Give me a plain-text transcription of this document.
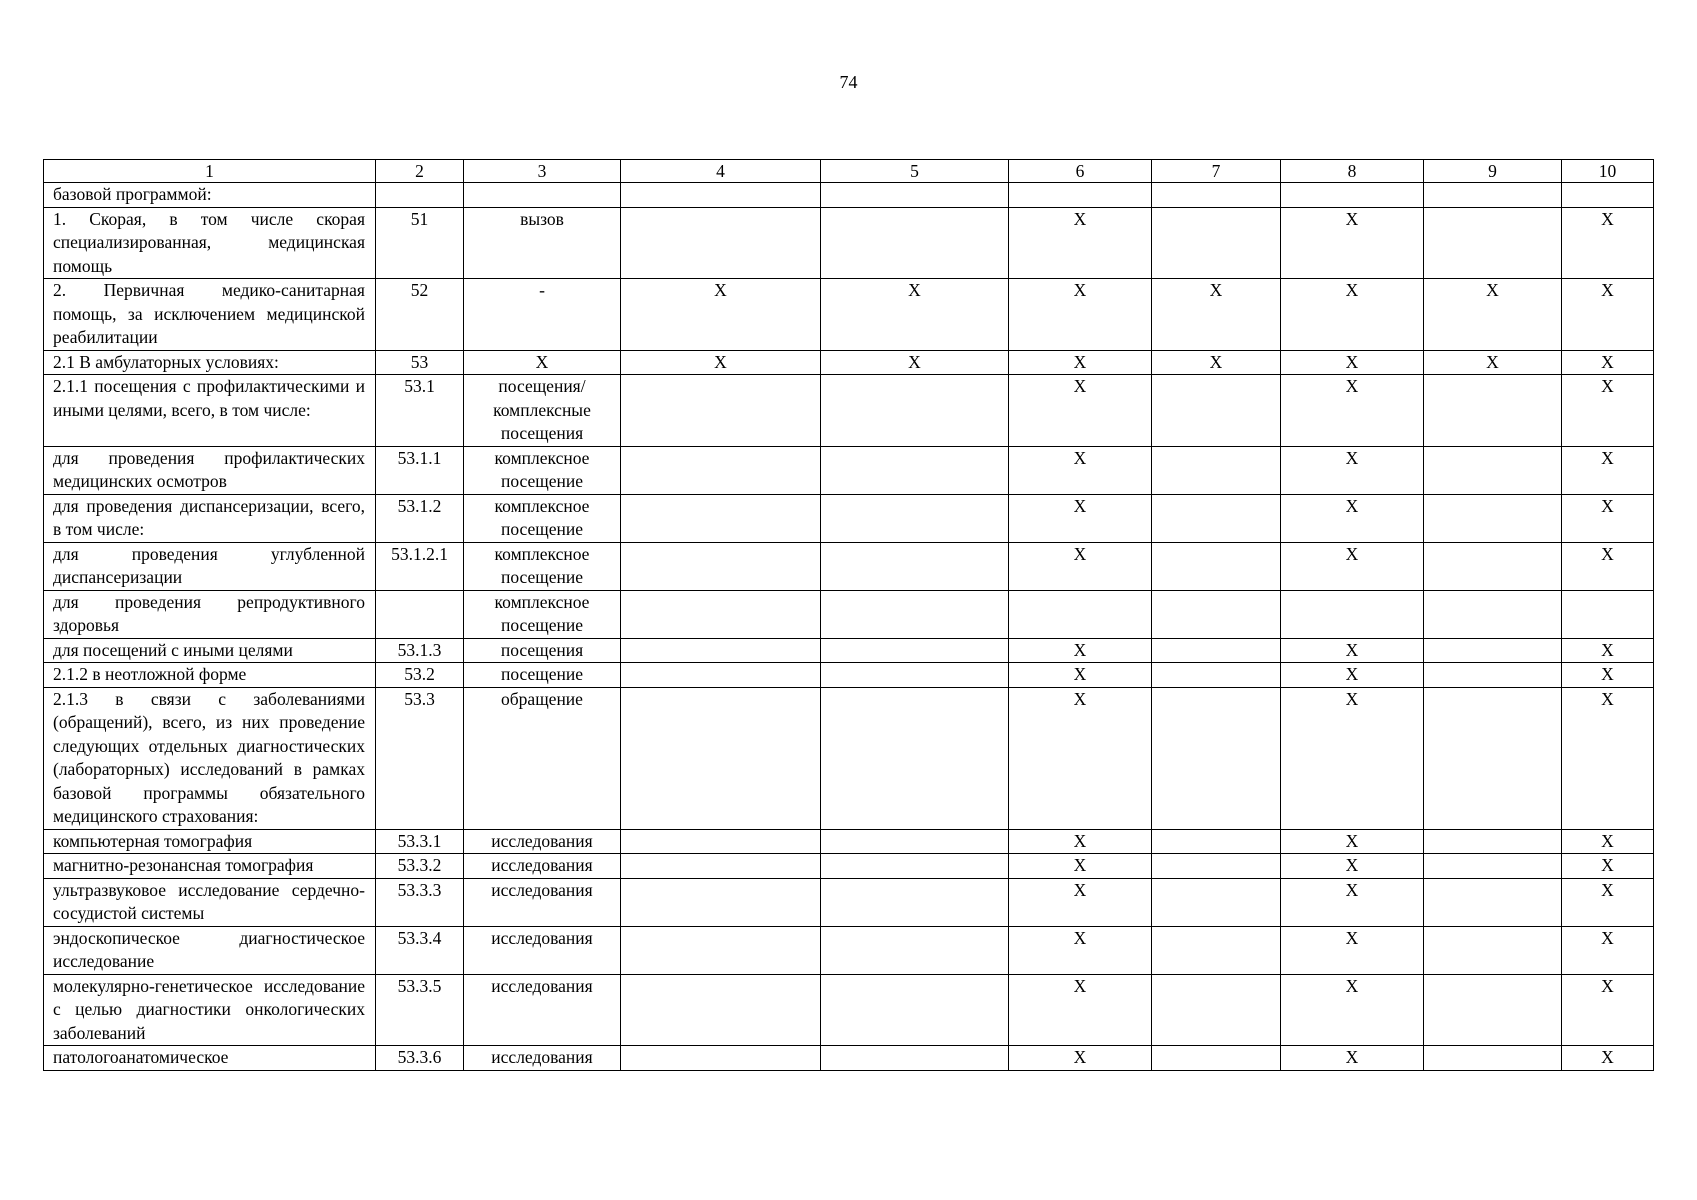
74
1	2	3	4	5	6	7	8	9	10
базовой программой:									
1. Скорая, в том числе скорая специализированная, медицинская помощь	51	вызов			X		X		X
2. Первичная медико-санитарная помощь, за исключением медицинской реабилитации	52	-	X	X	X	X	X	X	X
2.1 В амбулаторных условиях:	53	X	X	X	X	X	X	X	X
2.1.1 посещения с профилактическими и иными целями, всего, в том числе:	53.1	посещения/ комплексные посещения			X		X		X
для проведения профилактических медицинских осмотров	53.1.1	комплексное посещение			X		X		X
для проведения диспансеризации, всего, в том числе:	53.1.2	комплексное посещение			X		X		X
для проведения углубленной диспансеризации	53.1.2.1	комплексное посещение			X		X		X
для проведения репродуктивного здоровья		комплексное посещение							
для посещений с иными целями	53.1.3	посещения			X		X		X
2.1.2 в неотложной форме	53.2	посещение			X		X		X
2.1.3 в связи с заболеваниями (обращений), всего, из них проведение следующих отдельных диагностических (лабораторных) исследований в рамках базовой программы обязательного медицинского страхования:	53.3	обращение			X		X		X
компьютерная томография	53.3.1	исследования			X		X		X
магнитно-резонансная томография	53.3.2	исследования			X		X		X
ультразвуковое исследование сердечно-сосудистой системы	53.3.3	исследования			X		X		X
эндоскопическое диагностическое исследование	53.3.4	исследования			X		X		X
молекулярно-генетическое исследование с целью диагностики онкологических заболеваний	53.3.5	исследования			X		X		X
патологоанатомическое	53.3.6	исследования			X		X		X
